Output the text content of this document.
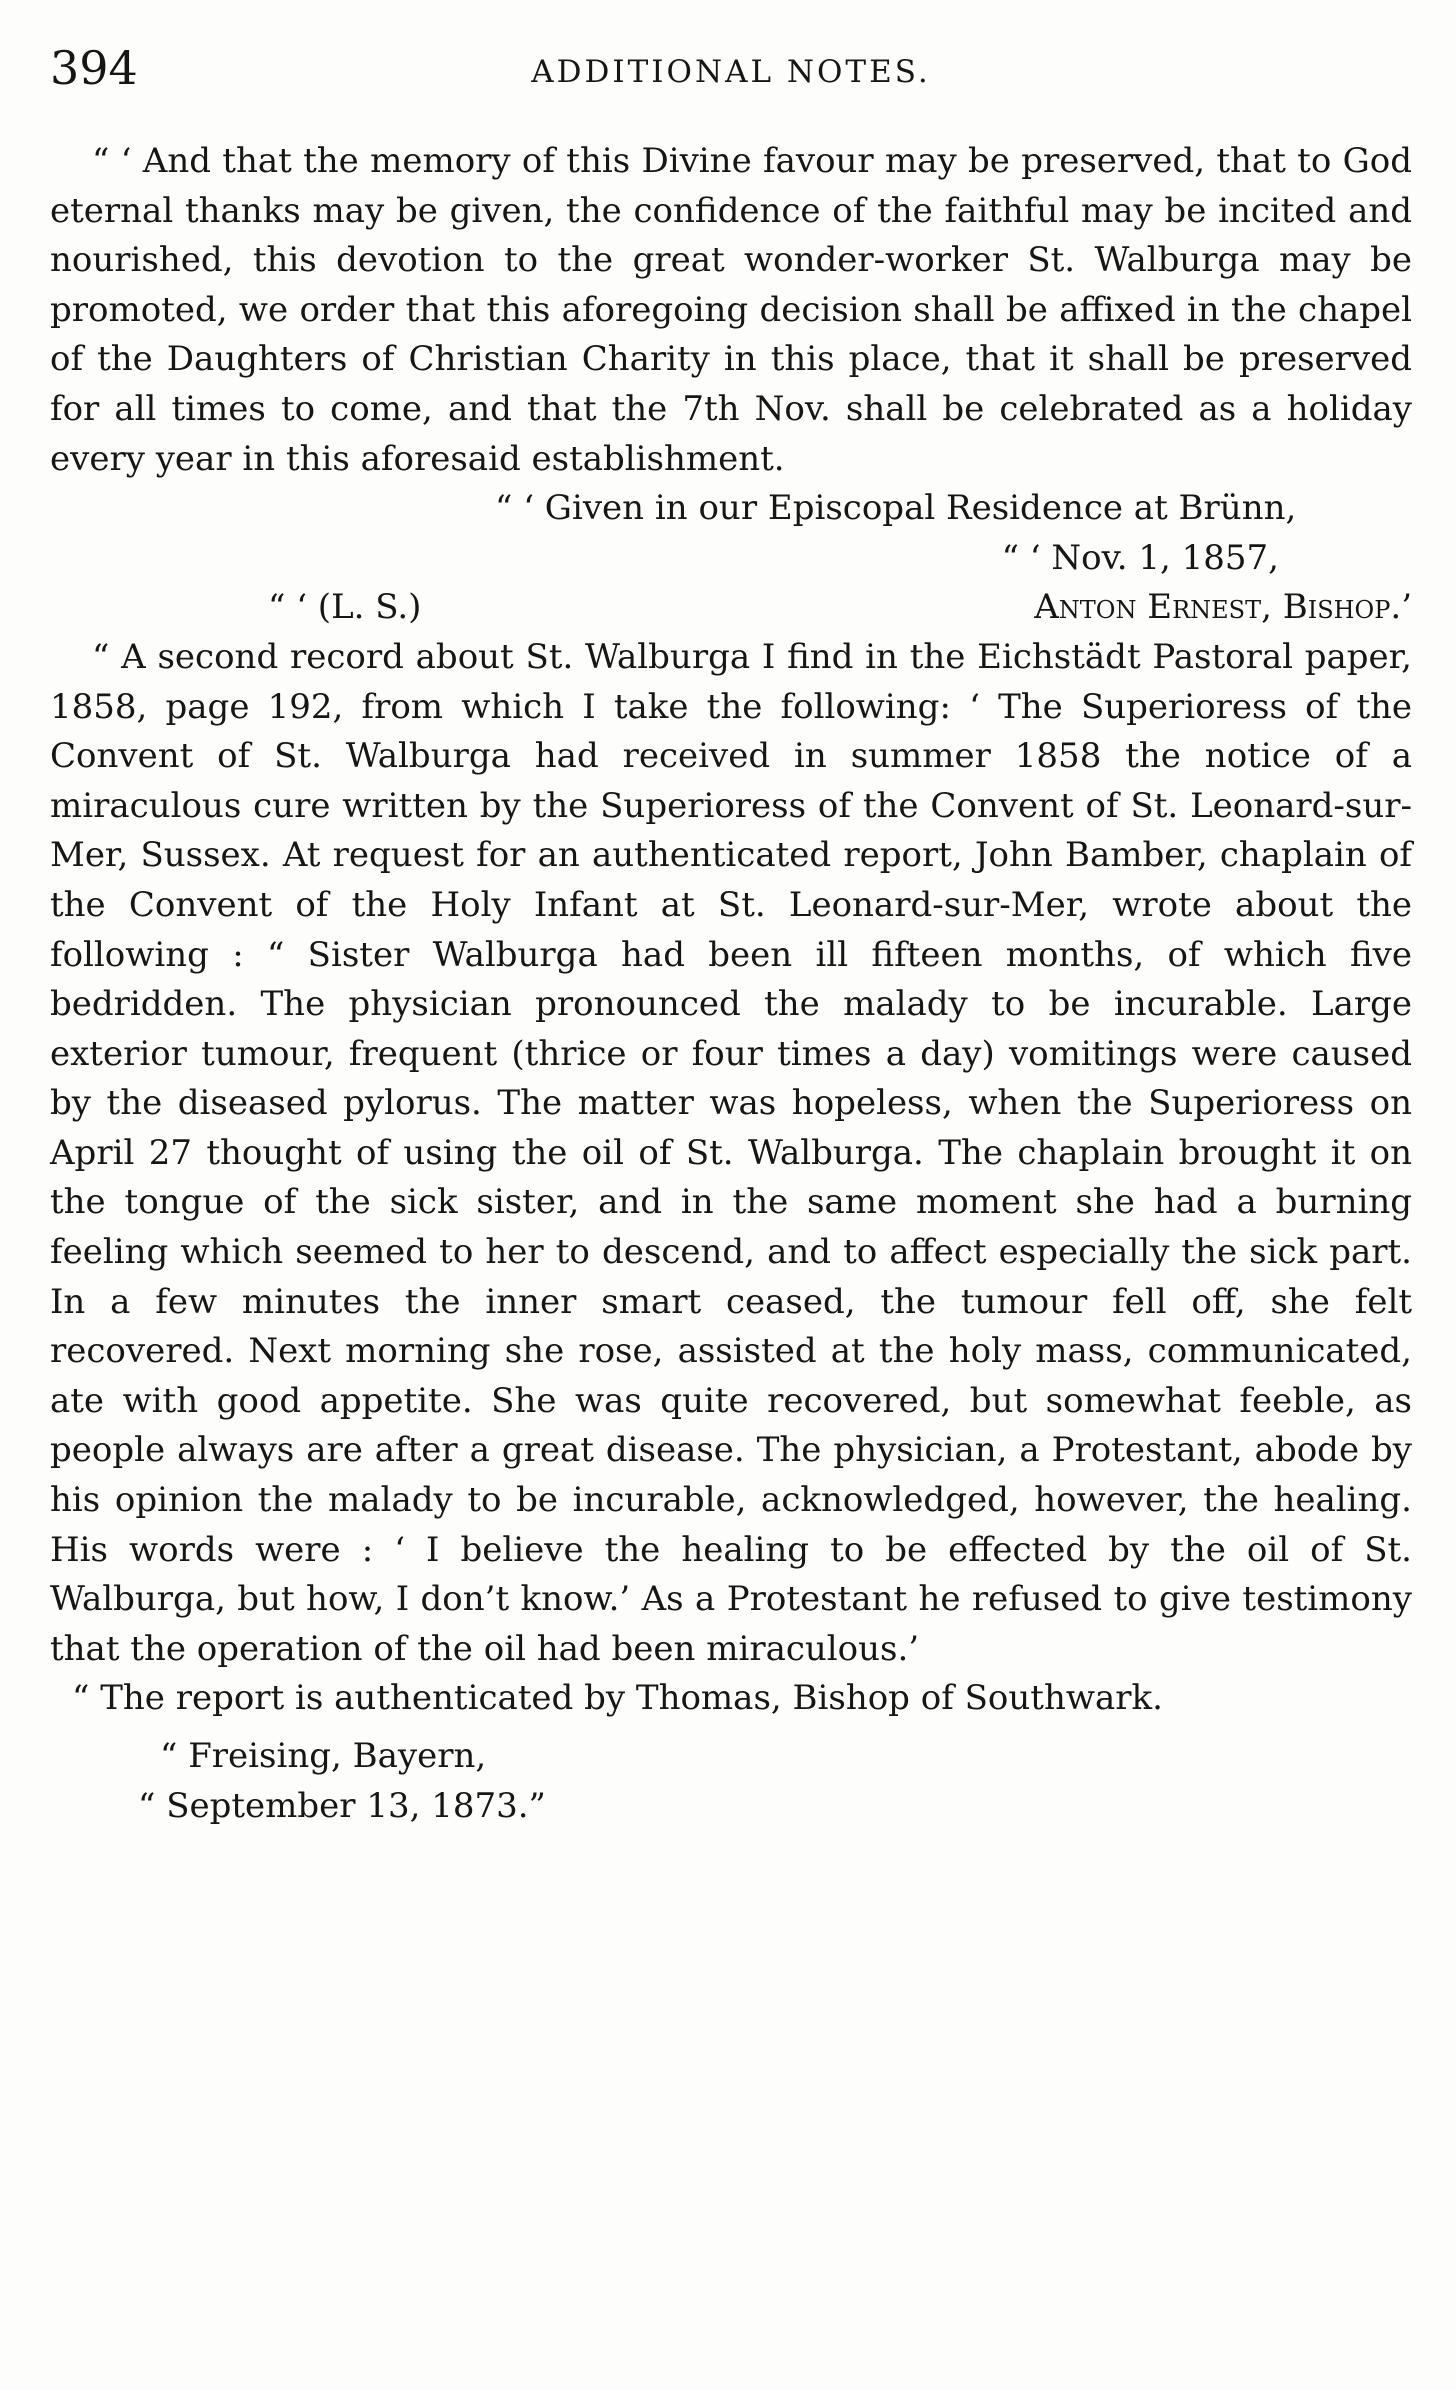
394	ADDITIONAL NOTES.

“ ‘ And that the memory of this Divine favour may be preserved, that to God eternal thanks may be given, the confidence of the faithful may be incited and nourished, this devotion to the great wonder-worker St. Walburga may be promoted, we order that this aforegoing decision shall be affixed in the chapel of the Daughters of Christian Charity in this place, that it shall be preserved for all times to come, and that the 7th Nov. shall be celebrated as a holiday every year in this aforesaid establishment.

“ ‘ Given in our Episcopal Residence at Brünn,

“ ‘ Nov. 1, 1857,

“ ‘ (L. S.)	Anton Ernest, Bishop.’

“ A second record about St. Walburga I find in the Eichstädt Pastoral paper, 1858, page 192, from which I take the following: ‘ The Superioress of the Convent of St. Walburga had received in summer 1858 the notice of a miraculous cure written by the Superioress of the Convent of St. Leonard-sur-Mer, Sussex. At request for an authenticated report, John Bamber, chaplain of the Convent of the Holy Infant at St. Leonard-sur-Mer, wrote about the following : “ Sister Walburga had been ill fifteen months, of which five bedridden. The physician pronounced the malady to be incurable. Large exterior tumour, frequent (thrice or four times a day) vomitings were caused by the diseased pylorus. The matter was hopeless, when the Superioress on April 27 thought of using the oil of St. Walburga. The chaplain brought it on the tongue of the sick sister, and in the same moment she had a burning feeling which seemed to her to descend, and to affect especially the sick part. In a few minutes the inner smart ceased, the tumour fell off, she felt recovered. Next morning she rose, assisted at the holy mass, communicated, ate with good appetite. She was quite recovered, but somewhat feeble, as people always are after a great disease. The physician, a Protestant, abode by his opinion the malady to be incurable, acknowledged, however, the healing. His words were : ‘ I believe the healing to be effected by the oil of St. Walburga, but how, I don’t know.’ As a Protestant he refused to give testimony that the operation of the oil had been miraculous.’

“ The report is authenticated by Thomas, Bishop of Southwark.

“ Freising, Bayern,

“ September 13, 1873.”
